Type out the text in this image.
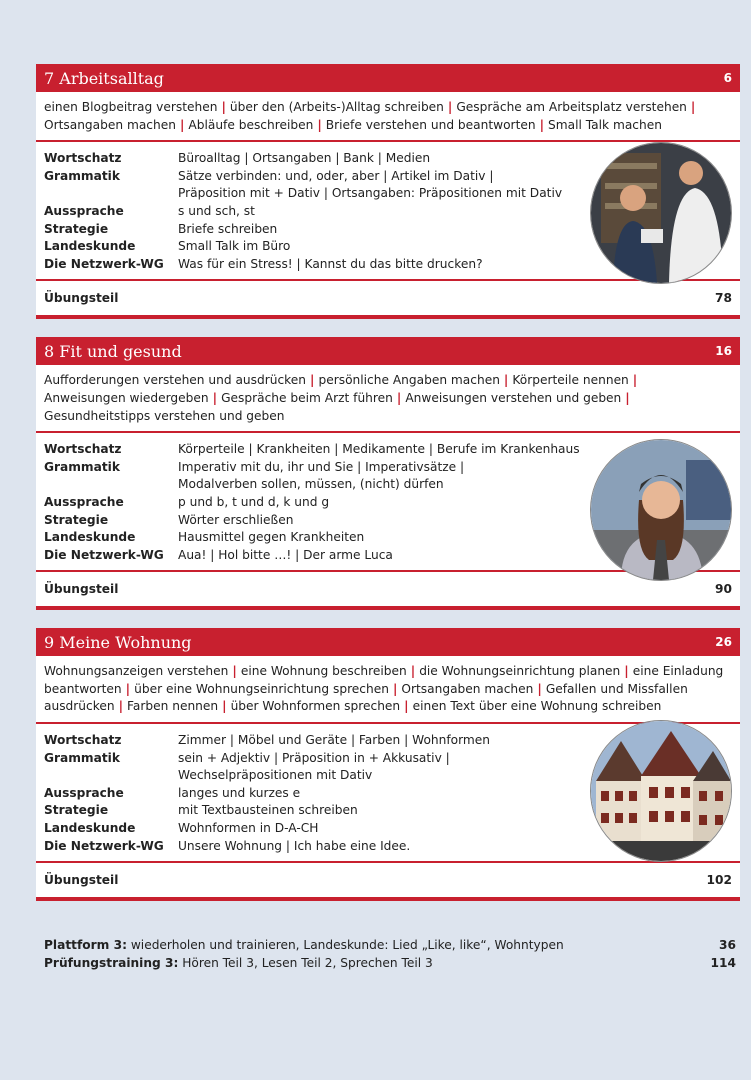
7 Arbeitsalltag	6
einen Blogbeitrag verstehen | über den (Arbeits-)Alltag schreiben | Gespräche am Arbeitsplatz verstehen |
Ortsangaben machen | Abläufe beschreiben | Briefe verstehen und beantworten | Small Talk machen
Wortschatz	Büroalltag | Ortsangaben | Bank | Medien
Grammatik	Sätze verbinden: und, oder, aber | Artikel im Dativ |
Präposition mit + Dativ | Ortsangaben: Präpositionen mit Dativ
Aussprache	s und sch, st
Strategie	Briefe schreiben
Landeskunde	Small Talk im Büro
Die Netzwerk-WG	Was für ein Stress! | Kannst du das bitte drucken?
Übungsteil	78
8 Fit und gesund	16
Aufforderungen verstehen und ausdrücken | persönliche Angaben machen | Körperteile nennen |
Anweisungen wiedergeben | Gespräche beim Arzt führen | Anweisungen verstehen und geben |
Gesundheitstipps verstehen und geben
Wortschatz	Körperteile | Krankheiten | Medikamente | Berufe im Krankenhaus
Grammatik	Imperativ mit du, ihr und Sie | Imperativsätze |
Modalverben sollen, müssen, (nicht) dürfen
Aussprache	p und b, t und d, k und g
Strategie	Wörter erschließen
Landeskunde	Hausmittel gegen Krankheiten
Die Netzwerk-WG	Aua! | Hol bitte …! | Der arme Luca
Übungsteil	90
9 Meine Wohnung	26
Wohnungsanzeigen verstehen | eine Wohnung beschreiben | die Wohnungseinrichtung planen | eine Einladung beantworten | über eine Wohnungseinrichtung sprechen | Ortsangaben machen | Gefallen und Missfallen ausdrücken | Farben nennen | über Wohnformen sprechen | einen Text über eine Wohnung schreiben
Wortschatz	Zimmer | Möbel und Geräte | Farben | Wohnformen
Grammatik	sein + Adjektiv | Präposition in + Akkusativ |
Wechselpräpositionen mit Dativ
Aussprache	langes und kurzes e
Strategie	mit Textbausteinen schreiben
Landeskunde	Wohnformen in D-A-CH
Die Netzwerk-WG	Unsere Wohnung | Ich habe eine Idee.
Übungsteil	102
Plattform 3: wiederholen und trainieren, Landeskunde: Lied „Like, like“, Wohntypen	36
Prüfungstraining 3: Hören Teil 3, Lesen Teil 2, Sprechen Teil 3	114
